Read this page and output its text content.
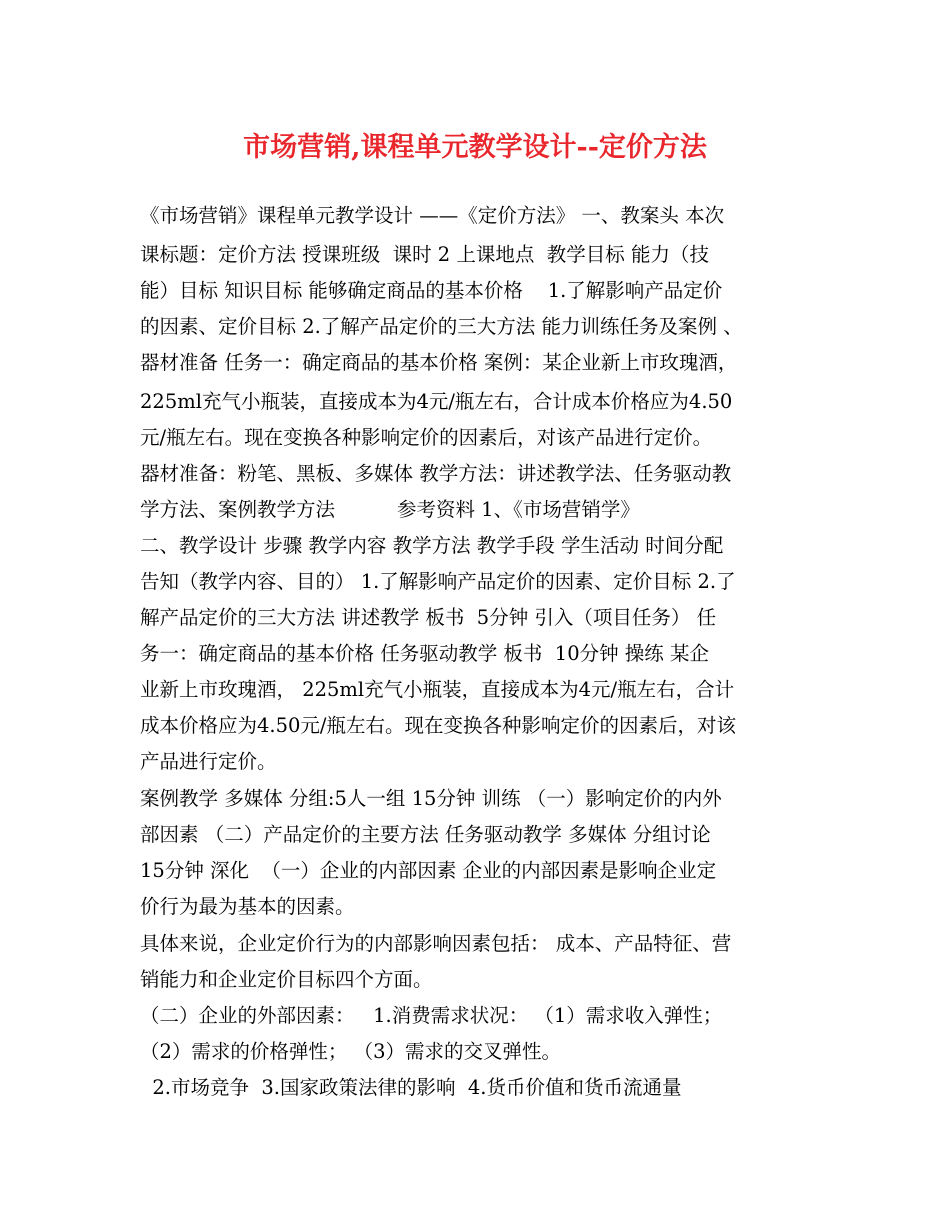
市场营销,课程单元教学设计--定价方法
《市场营销》课程单元教学设计 ——《定价方法》 一、教案头 本次
课标题：定价方法 授课班级  课时 2 上课地点  教学目标 能力（技
能）目标 知识目标 能够确定商品的基本价格    1.了解影响产品定价
的因素、定价目标 2.了解产品定价的三大方法 能力训练任务及案例 、
器材准备 任务一：确定商品的基本价格 案例：某企业新上市玫瑰酒，
225ml充气小瓶装，直接成本为4元/瓶左右，合计成本价格应为4.50
元/瓶左右。现在变换各种影响定价的因素后，对该产品进行定价。
器材准备：粉笔、黑板、多媒体 教学方法：讲述教学法、任务驱动教
学方法、案例教学方法          参考资料 1、《市场营销学》
二、教学设计 步骤 教学内容 教学方法 教学手段 学生活动 时间分配
告知（教学内容、目的） 1.了解影响产品定价的因素、定价目标 2.了
解产品定价的三大方法 讲述教学 板书  5分钟 引入（项目任务） 任
务一：确定商品的基本价格 任务驱动教学 板书  10分钟 操练 某企
业新上市玫瑰酒， 225ml充气小瓶装，直接成本为4元/瓶左右，合计
成本价格应为4.50元/瓶左右。现在变换各种影响定价的因素后，对该
产品进行定价。
案例教学 多媒体 分组:5人一组 15分钟 训练 （一）影响定价的内外
部因素 （二）产品定价的主要方法 任务驱动教学 多媒体 分组讨论
15分钟 深化  （一）企业的内部因素 企业的内部因素是影响企业定
价行为最为基本的因素。
具体来说，企业定价行为的内部影响因素包括： 成本、产品特征、营
销能力和企业定价目标四个方面。
（二）企业的外部因素：   1.消费需求状况： （1）需求收入弹性；
（2）需求的价格弹性； （3）需求的交叉弹性。
2.市场竞争  3.国家政策法律的影响  4.货币价值和货币流通量
